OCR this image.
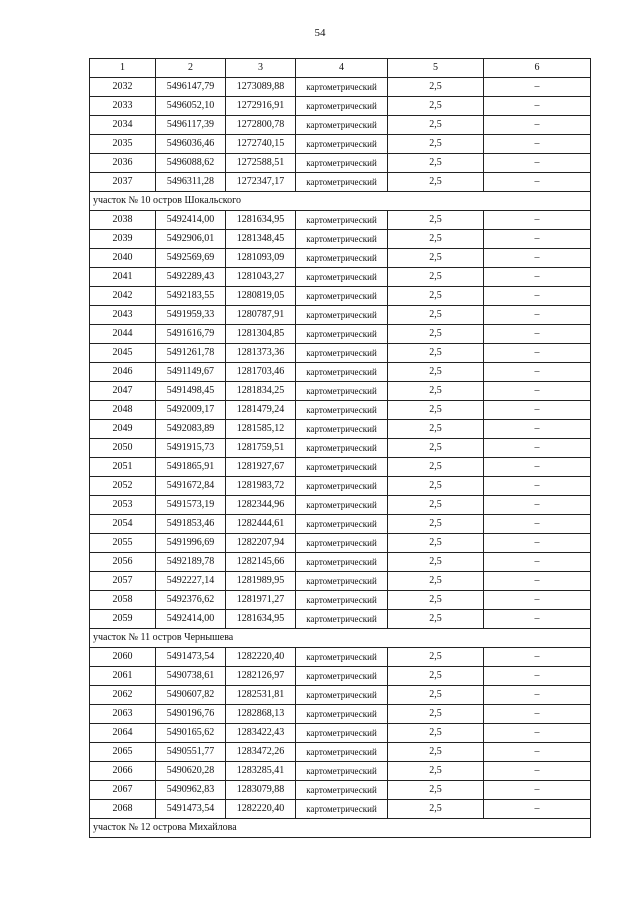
54
1	2	3	4	5	6
2032	5496147,79	1273089,88	картометрический	2,5	–
2033	5496052,10	1272916,91	картометрический	2,5	–
2034	5496117,39	1272800,78	картометрический	2,5	–
2035	5496036,46	1272740,15	картометрический	2,5	–
2036	5496088,62	1272588,51	картометрический	2,5	–
2037	5496311,28	1272347,17	картометрический	2,5	–
участок № 10 остров Шокальского					
2038	5492414,00	1281634,95	картометрический	2,5	–
2039	5492906,01	1281348,45	картометрический	2,5	–
2040	5492569,69	1281093,09	картометрический	2,5	–
2041	5492289,43	1281043,27	картометрический	2,5	–
2042	5492183,55	1280819,05	картометрический	2,5	–
2043	5491959,33	1280787,91	картометрический	2,5	–
2044	5491616,79	1281304,85	картометрический	2,5	–
2045	5491261,78	1281373,36	картометрический	2,5	–
2046	5491149,67	1281703,46	картометрический	2,5	–
2047	5491498,45	1281834,25	картометрический	2,5	–
2048	5492009,17	1281479,24	картометрический	2,5	–
2049	5492083,89	1281585,12	картометрический	2,5	–
2050	5491915,73	1281759,51	картометрический	2,5	–
2051	5491865,91	1281927,67	картометрический	2,5	–
2052	5491672,84	1281983,72	картометрический	2,5	–
2053	5491573,19	1282344,96	картометрический	2,5	–
2054	5491853,46	1282444,61	картометрический	2,5	–
2055	5491996,69	1282207,94	картометрический	2,5	–
2056	5492189,78	1282145,66	картометрический	2,5	–
2057	5492227,14	1281989,95	картометрический	2,5	–
2058	5492376,62	1281971,27	картометрический	2,5	–
2059	5492414,00	1281634,95	картометрический	2,5	–
участок № 11 остров Чернышева					
2060	5491473,54	1282220,40	картометрический	2,5	–
2061	5490738,61	1282126,97	картометрический	2,5	–
2062	5490607,82	1282531,81	картометрический	2,5	–
2063	5490196,76	1282868,13	картометрический	2,5	–
2064	5490165,62	1283422,43	картометрический	2,5	–
2065	5490551,77	1283472,26	картометрический	2,5	–
2066	5490620,28	1283285,41	картометрический	2,5	–
2067	5490962,83	1283079,88	картометрический	2,5	–
2068	5491473,54	1282220,40	картометрический	2,5	–
участок № 12 острова Михайлова					
